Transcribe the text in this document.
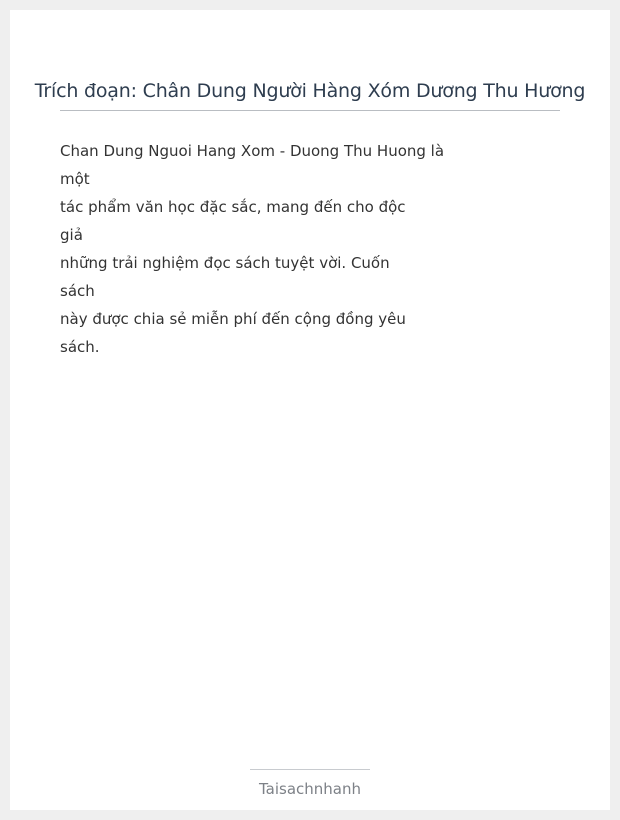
Trích đoạn: Chân Dung Người Hàng Xóm Dương Thu Hương
Chan Dung Nguoi Hang Xom - Duong Thu Huong là
một
tác phẩm văn học đặc sắc, mang đến cho độc
giả
những trải nghiệm đọc sách tuyệt vời. Cuốn
sách
này được chia sẻ miễn phí đến cộng đồng yêu
sách.
Taisachnhanh
